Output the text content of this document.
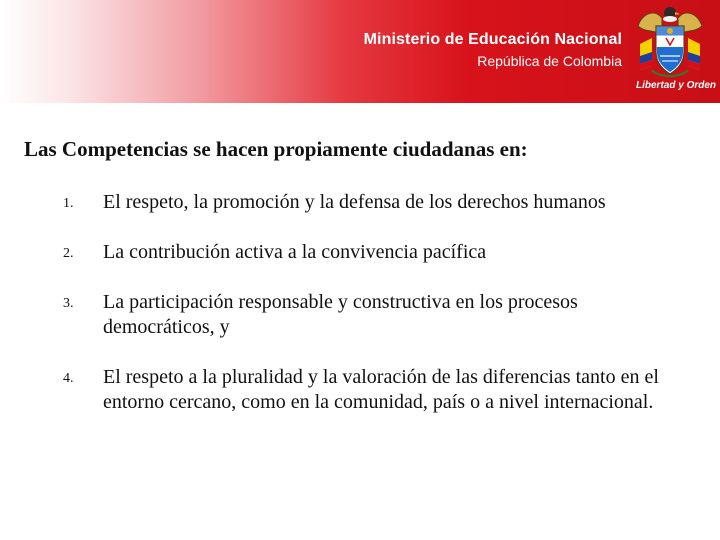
Ministerio de Educación Nacional
República de Colombia
Libertad y Orden
Las Competencias se hacen propiamente ciudadanas en:
1. El respeto, la promoción y la defensa de los derechos humanos
2. La contribución activa a la convivencia pacífica
3. La participación responsable y constructiva en los procesos democráticos, y
4. El respeto a la pluralidad y la valoración de las diferencias tanto en el entorno cercano, como en la comunidad, país o a nivel internacional.
